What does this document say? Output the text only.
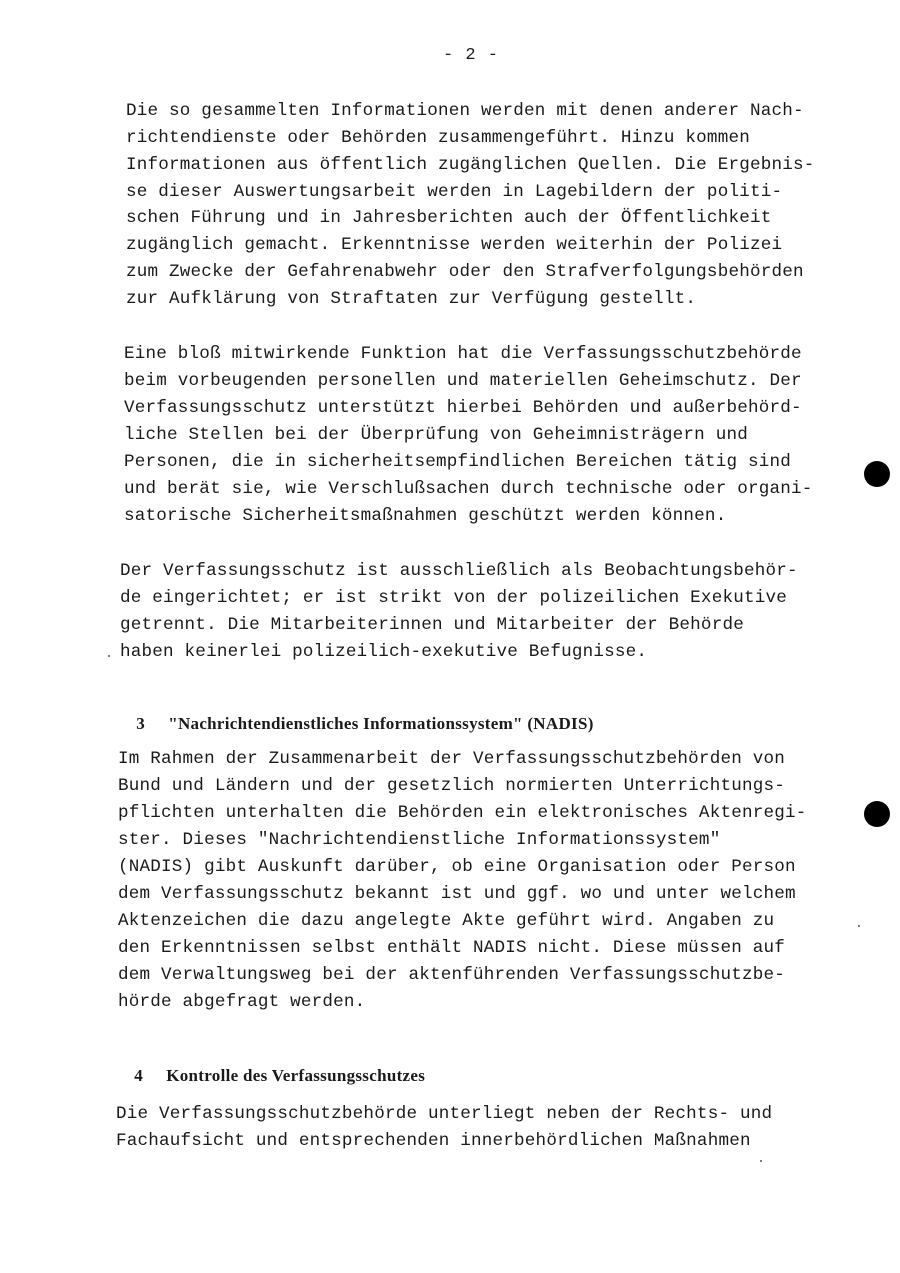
- 2 -
Die so gesammelten Informationen werden mit denen anderer Nach-
richtendienste oder Behörden zusammengeführt. Hinzu kommen
Informationen aus öffentlich zugänglichen Quellen. Die Ergebnis-
se dieser Auswertungsarbeit werden in Lagebildern der politi-
schen Führung und in Jahresberichten auch der Öffentlichkeit
zugänglich gemacht. Erkenntnisse werden weiterhin der Polizei
zum Zwecke der Gefahrenabwehr oder den Strafverfolgungsbehörden
zur Aufklärung von Straftaten zur Verfügung gestellt.
Eine bloß mitwirkende Funktion hat die Verfassungsschutzbehörde
beim vorbeugenden personellen und materiellen Geheimschutz. Der
Verfassungsschutz unterstützt hierbei Behörden und außerbehörd-
liche Stellen bei der Überprüfung von Geheimnisträgern und
Personen, die in sicherheitsempfindlichen Bereichen tätig sind
und berät sie, wie Verschlußsachen durch technische oder organi-
satorische Sicherheitsmaßnahmen geschützt werden können.
Der Verfassungsschutz ist ausschließlich als Beobachtungsbehör-
de eingerichtet; er ist strikt von der polizeilichen Exekutive
getrennt. Die Mitarbeiterinnen und Mitarbeiter der Behörde
haben keinerlei polizeilich-exekutive Befugnisse.

3 "Nachrichtendienstliches Informationssystem" (NADIS)

Im Rahmen der Zusammenarbeit der Verfassungsschutzbehörden von
Bund und Ländern und der gesetzlich normierten Unterrichtungs-
pflichten unterhalten die Behörden ein elektronisches Aktenregi-
ster. Dieses "Nachrichtendienstliche Informationssystem"
(NADIS) gibt Auskunft darüber, ob eine Organisation oder Person
dem Verfassungsschutz bekannt ist und ggf. wo und unter welchem
Aktenzeichen die dazu angelegte Akte geführt wird. Angaben zu
den Erkenntnissen selbst enthält NADIS nicht. Diese müssen auf
dem Verwaltungsweg bei der aktenführenden Verfassungsschutzbe-
hörde abgefragt werden.

4 Kontrolle des Verfassungsschutzes

Die Verfassungsschutzbehörde unterliegt neben der Rechts- und
Fachaufsicht und entsprechenden innerbehördlichen Maßnahmen
